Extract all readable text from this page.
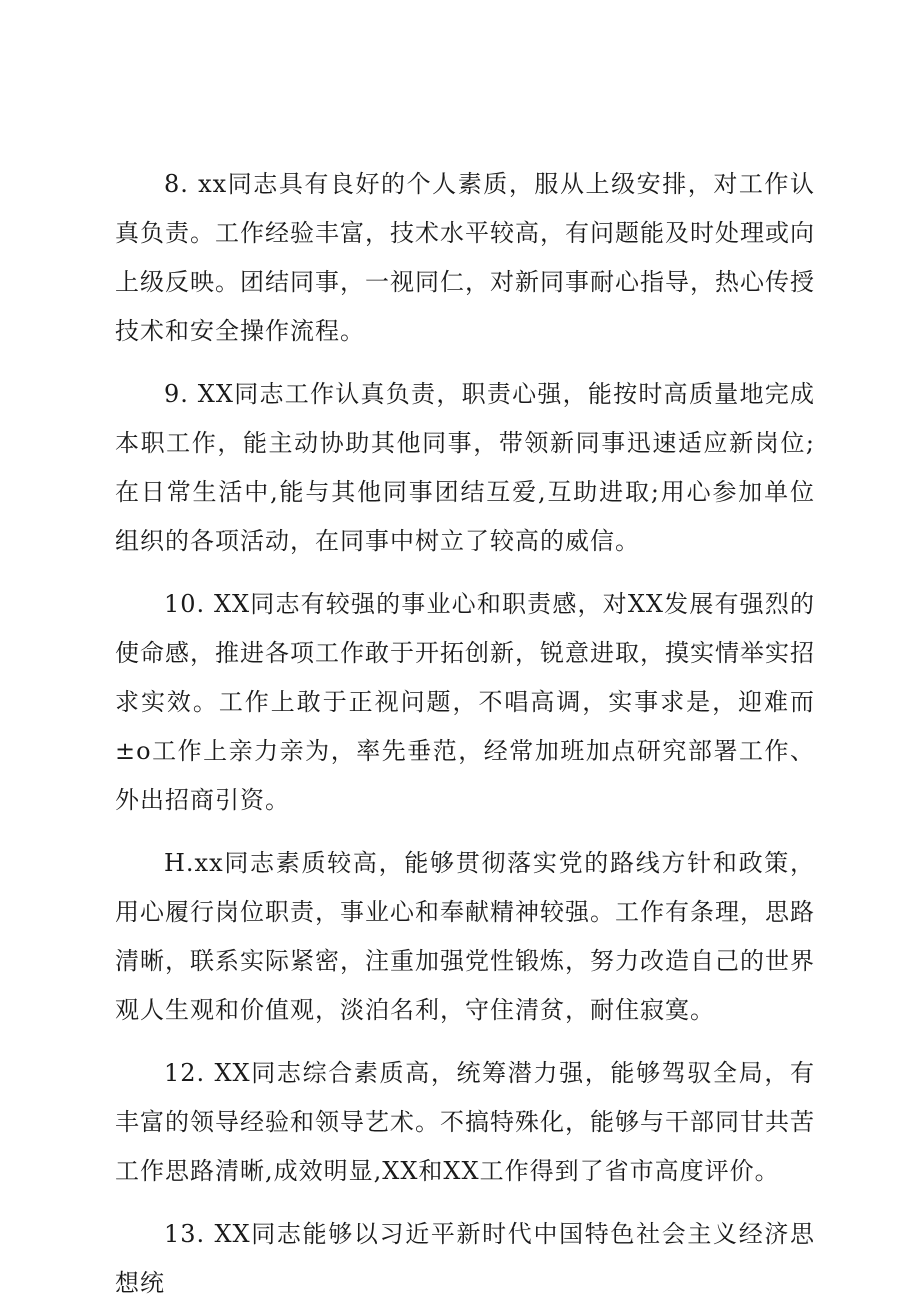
8. xx同志具有良好的个人素质，服从上级安排，对工作认真负责。工作经验丰富，技术水平较高，有问题能及时处理或向上级反映。团结同事，一视同仁，对新同事耐心指导，热心传授技术和安全操作流程。

9. XX同志工作认真负责，职责心强，能按时高质量地完成本职工作，能主动协助其他同事，带领新同事迅速适应新岗位;在日常生活中,能与其他同事团结互爱,互助进取;用心参加单位组织的各项活动，在同事中树立了较高的威信。

10. XX同志有较强的事业心和职责感，对XX发展有强烈的使命感，推进各项工作敢于开拓创新，锐意进取，摸实情举实招求实效。工作上敢于正视问题，不唱高调，实事求是，迎难而±o工作上亲力亲为，率先垂范，经常加班加点研究部署工作、外出招商引资。

H.xx同志素质较高，能够贯彻落实党的路线方针和政策，用心履行岗位职责，事业心和奉献精神较强。工作有条理，思路清晰，联系实际紧密，注重加强党性锻炼，努力改造自己的世界观人生观和价值观，淡泊名利，守住清贫，耐住寂寞。

12. XX同志综合素质高，统筹潜力强，能够驾驭全局，有丰富的领导经验和领导艺术。不搞特殊化，能够与干部同甘共苦工作思路清晰,成效明显,XX和XX工作得到了省市高度评价。

13. XX同志能够以习近平新时代中国特色社会主义经济思想统
